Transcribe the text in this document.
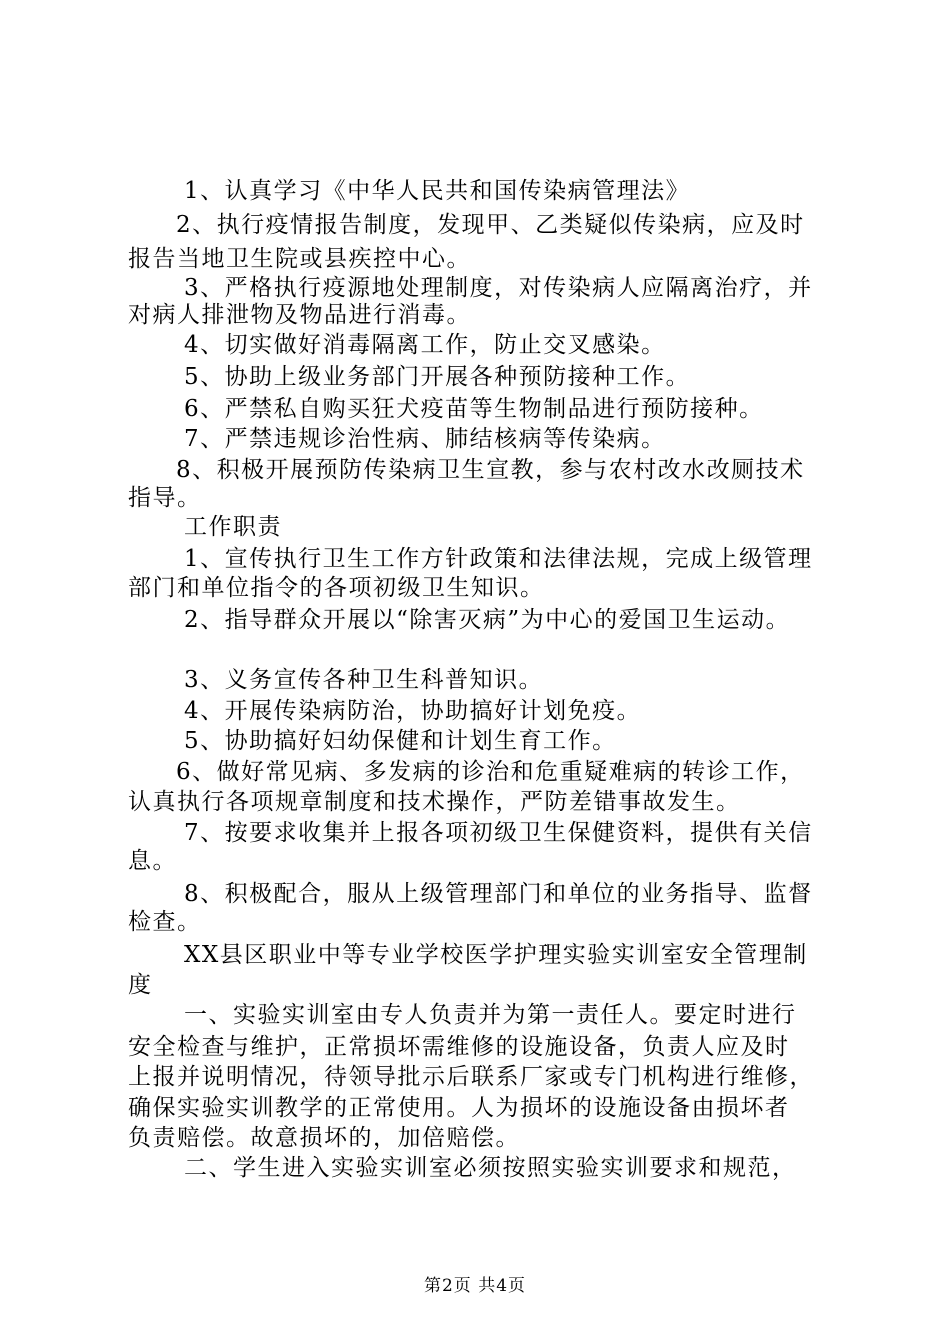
1、认真学习《中华人民共和国传染病管理法》
2、执行疫情报告制度，发现甲、乙类疑似传染病，应及时
报告当地卫生院或县疾控中心。
3、严格执行疫源地处理制度，对传染病人应隔离治疗，并
对病人排泄物及物品进行消毒。
4、切实做好消毒隔离工作，防止交叉感染。
5、协助上级业务部门开展各种预防接种工作。
6、严禁私自购买狂犬疫苗等生物制品进行预防接种。
7、严禁违规诊治性病、肺结核病等传染病。
8、积极开展预防传染病卫生宣教，参与农村改水改厕技术
指导。
工作职责
1、宣传执行卫生工作方针政策和法律法规，完成上级管理
部门和单位指令的各项初级卫生知识。
2、指导群众开展以“除害灭病”为中心的爱国卫生运动。
3、义务宣传各种卫生科普知识。
4、开展传染病防治，协助搞好计划免疫。
5、协助搞好妇幼保健和计划生育工作。
6、做好常见病、多发病的诊治和危重疑难病的转诊工作，
认真执行各项规章制度和技术操作，严防差错事故发生。
7、按要求收集并上报各项初级卫生保健资料，提供有关信
息。
8、积极配合，服从上级管理部门和单位的业务指导、监督
检查。
XX县区职业中等专业学校医学护理实验实训室安全管理制
度
一、实验实训室由专人负责并为第一责任人。要定时进行
安全检查与维护，正常损坏需维修的设施设备，负责人应及时
上报并说明情况，待领导批示后联系厂家或专门机构进行维修，
确保实验实训教学的正常使用。人为损坏的设施设备由损坏者
负责赔偿。故意损坏的，加倍赔偿。
二、学生进入实验实训室必须按照实验实训要求和规范，
第2页 共4页
